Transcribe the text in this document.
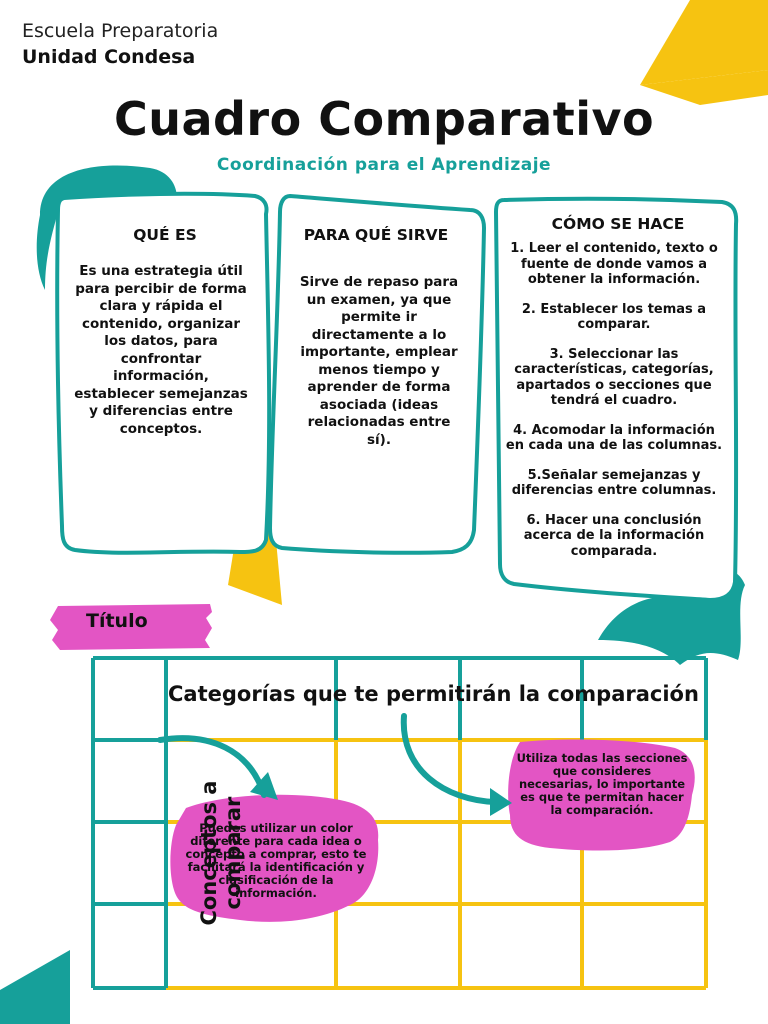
Escuela Preparatoria
Unidad Condesa
Cuadro Comparativo
Coordinación para el Aprendizaje
QUÉ ES
Es una estrategia útil para percibir de forma clara y rápida el contenido, organizar los datos, para confrontar información, establecer semejanzas y diferencias entre conceptos.
PARA QUÉ SIRVE
Sirve de repaso para un examen, ya que permite ir directamente a lo importante, emplear menos tiempo y aprender de forma asociada (ideas relacionadas entre sí).
CÓMO SE HACE

1. Leer el contenido, texto o fuente de donde vamos a obtener la información.

2. Establecer los temas a comparar.

3. Seleccionar las características, categorías, apartados o secciones que tendrá el cuadro.

4. Acomodar la información en cada una de las columnas.

5.Señalar semejanzas y diferencias entre columnas.

6. Hacer una conclusión acerca de la información comparada.

Título
Categorías que te permitirán la comparación
Conceptos a comparar
Puedes utilizar un color diferente para cada idea o concepto a comprar, esto te facilitará la identificación y clasificación de la información.
Utiliza todas las secciones que consideres necesarias, lo importante es que te permitan hacer la comparación.
